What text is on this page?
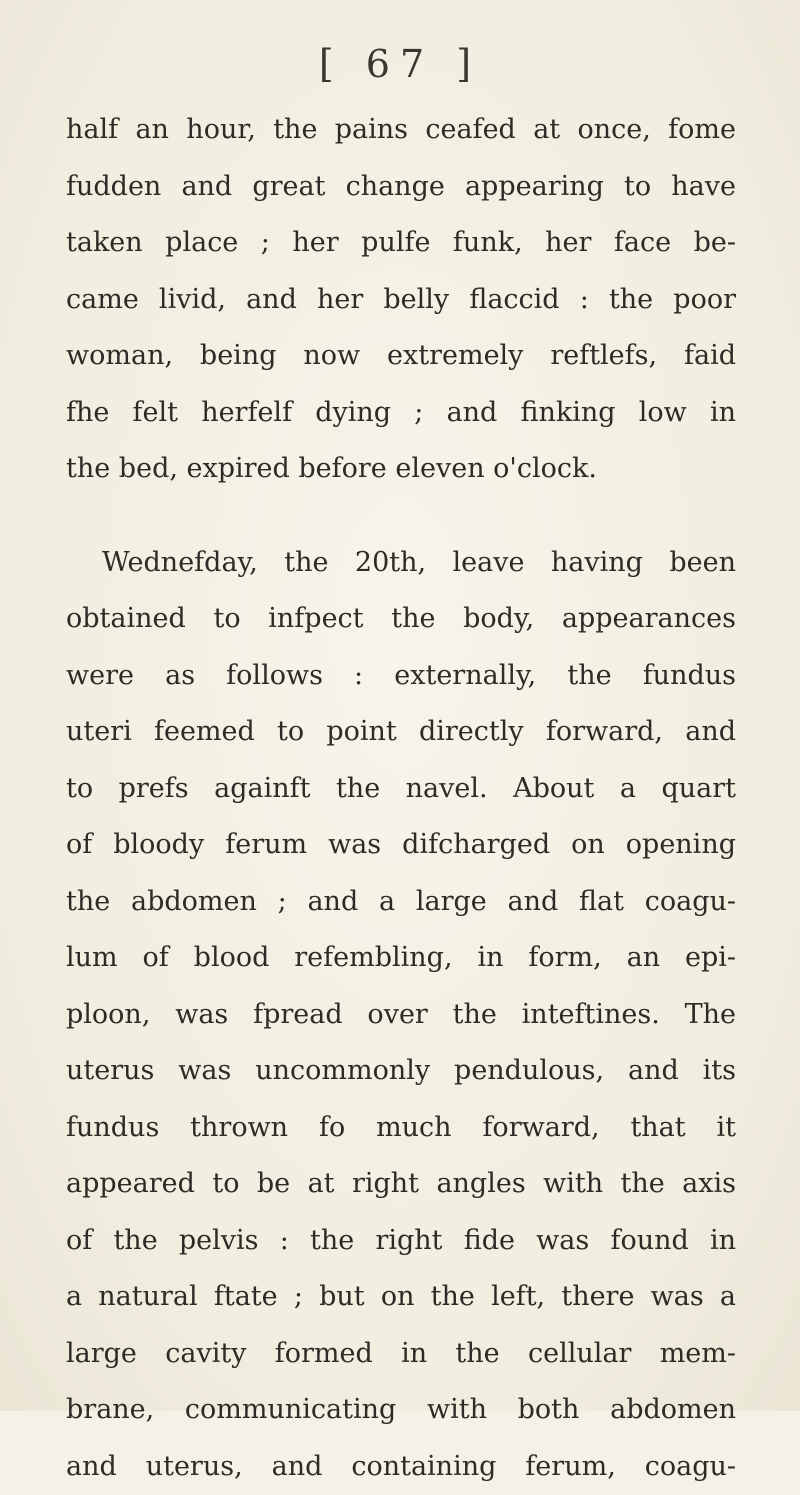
[ 67 ]
half an hour, the pains ceafed at once, fome
fudden and great change appearing to have
taken place ; her pulfe funk, her face be-
came livid, and her belly flaccid : the poor
woman, being now extremely reftlefs, faid
fhe felt herfelf dying ; and finking low in
the bed, expired before eleven o'clock.
Wednefday, the 20th, leave having been
obtained to infpect the body, appearances
were as follows : externally, the fundus
uteri feemed to point directly forward, and
to prefs againft the navel. About a quart
of bloody ferum was difcharged on opening
the abdomen ; and a large and flat coagu-
lum of blood refembling, in form, an epi-
ploon, was fpread over the inteftines. The
uterus was uncommonly pendulous, and its
fundus thrown fo much forward, that it
appeared to be at right angles with the axis
of the pelvis : the right fide was found in
a natural ftate ; but on the left, there was a
large cavity formed in the cellular mem-
brane, communicating with both abdomen
and uterus, and containing ferum, coagu-
